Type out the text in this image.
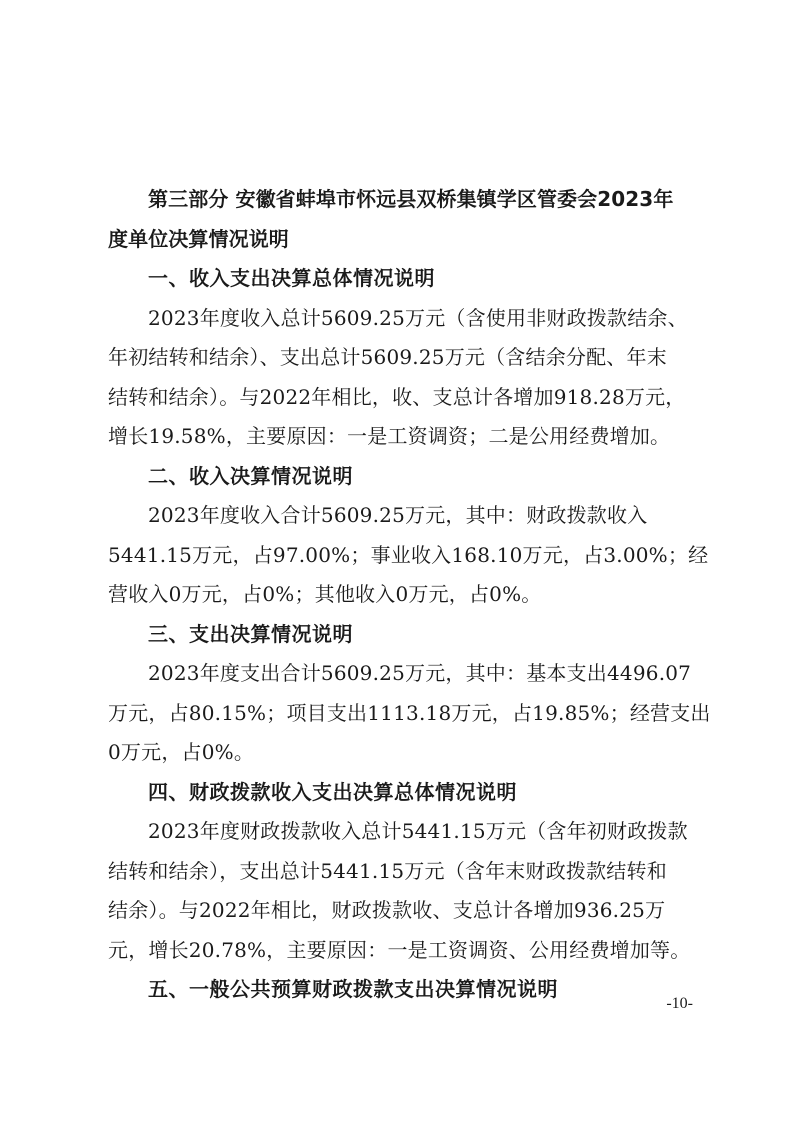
第三部分 安徽省蚌埠市怀远县双桥集镇学区管委会2023年
度单位决算情况说明
一、收入支出决算总体情况说明
2023年度收入总计5609.25万元（含使用非财政拨款结余、
年初结转和结余）、支出总计5609.25万元（含结余分配、年末
结转和结余）。与2022年相比，收、支总计各增加918.28万元，
增长19.58%，主要原因：一是工资调资；二是公用经费增加。
二、收入决算情况说明
2023年度收入合计5609.25万元，其中：财政拨款收入
5441.15万元，占97.00%；事业收入168.10万元，占3.00%；经
营收入0万元，占0%；其他收入0万元，占0%。
三、支出决算情况说明
2023年度支出合计5609.25万元，其中：基本支出4496.07
万元，占80.15%；项目支出1113.18万元，占19.85%；经营支出
0万元，占0%。
四、财政拨款收入支出决算总体情况说明
2023年度财政拨款收入总计5441.15万元（含年初财政拨款
结转和结余），支出总计5441.15万元（含年末财政拨款结转和
结余）。与2022年相比，财政拨款收、支总计各增加936.25万
元，增长20.78%，主要原因：一是工资调资、公用经费增加等。
五、一般公共预算财政拨款支出决算情况说明
-10-
